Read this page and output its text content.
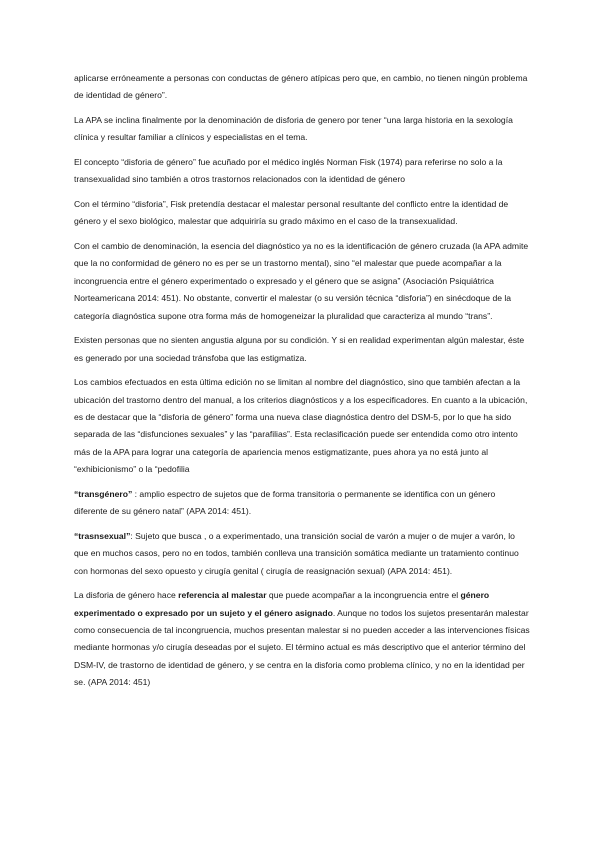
aplicarse erróneamente a personas con conductas de género atípicas pero que, en cambio, no tienen ningún problema de identidad de género”.

La APA se inclina finalmente por la denominación de disforia de genero por tener “una larga historia en la sexología clínica y resultar familiar a clínicos y especialistas en el tema.

El concepto “disforia de género” fue acuñado por el médico inglés Norman Fisk (1974) para referirse no solo a la transexualidad sino también a otros trastornos relacionados con la identidad de género

Con el término “disforia”, Fisk pretendía destacar el malestar personal resultante del conflicto entre la identidad de género y el sexo biológico, malestar que adquiriría su grado máximo en el caso de la transexualidad.

Con el cambio de denominación, la esencia del diagnóstico ya no es la identificación de género cruzada (la APA admite que la no conformidad de género no es per se un trastorno mental), sino “el malestar que puede acompañar a la incongruencia entre el género experimentado o expresado y el género que se asigna” (Asociación Psiquiátrica Norteamericana 2014: 451). No obstante, convertir el malestar (o su versión técnica “disforia”) en sinécdoque de la categoría diagnóstica supone otra forma más de homogeneizar la pluralidad que caracteriza al mundo “trans”.

Existen personas que no sienten angustia alguna por su condición. Y si en realidad experimentan algún malestar, éste es generado por una sociedad tránsfoba que las estigmatiza.

Los cambios efectuados en esta última edición no se limitan al nombre del diagnóstico, sino que también afectan a la ubicación del trastorno dentro del manual, a los criterios diagnósticos y a los especificadores. En cuanto a la ubicación, es de destacar que la “disforia de género” forma una nueva clase diagnóstica dentro del DSM-5, por lo que ha sido separada de las “disfunciones sexuales” y las “parafilias”. Esta reclasificación puede ser entendida como otro intento más de la APA para lograr una categoría de apariencia menos estigmatizante, pues ahora ya no está junto al “exhibicionismo” o la “pedofilia

“transgénero” : amplio espectro de sujetos que de forma transitoria o permanente se identifica con un género diferente de su género natal” (APA 2014: 451).

“trasnsexual”: Sujeto que busca , o a experimentado, una transición social de varón a mujer o de mujer a varón, lo que en muchos casos, pero no en todos, también conlleva una transición somática mediante un tratamiento continuo con hormonas del sexo opuesto y cirugía genital ( cirugía de reasignación sexual) (APA 2014: 451).

La disforia de género hace referencia al malestar que puede acompañar a la incongruencia entre el género experimentado o expresado por un sujeto y el género asignado. Aunque no todos los sujetos presentarán malestar como consecuencia de tal incongruencia, muchos presentan malestar si no pueden acceder a las intervenciones físicas mediante hormonas y/o cirugía deseadas por el sujeto. El término actual es más descriptivo que el anterior término del DSM-IV, de trastorno de identidad de género, y se centra en la disforia como problema clínico, y no en la identidad per se. (APA 2014: 451)
